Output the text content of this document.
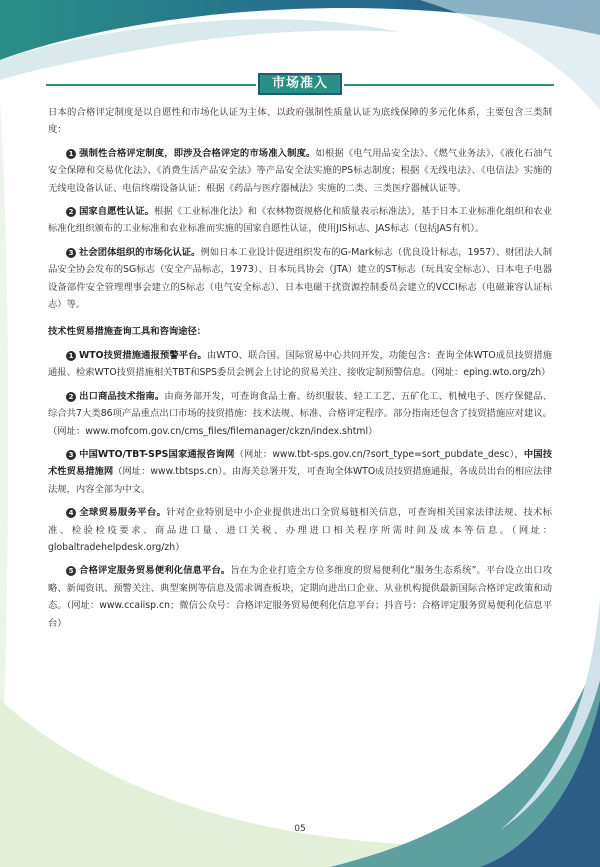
市场准入

日本的合格评定制度是以自愿性和市场化认证为主体、以政府强制性质量认证为底线保障的多元化体系，主要包含三类制度：

1 强制性合格评定制度，即涉及合格评定的市场准入制度。如根据《电气用品安全法》、《燃气业务法》、《液化石油气安全保障和交易优化法》、《消费生活产品安全法》等产品安全法实施的PS标志制度；根据《无线电法》、《电信法》实施的无线电设备认证、电信终端设备认证；根据《药品与医疗器械法》实施的二类、三类医疗器械认证等。

2 国家自愿性认证。根据《工业标准化法》和《农林物资规格化和质量表示标准法》，基于日本工业标准化组织和农业标准化组织颁布的工业标准和农业标准而实施的国家自愿性认证，使用JIS标志、JAS标志（包括JAS有机）。

3 社会团体组织的市场化认证。例如日本工业设计促进组织发布的G-Mark标志（优良设计标志，1957）、财团法人制品安全协会发布的SG标志（安全产品标志，1973）、日本玩具协会（JTA）建立的ST标志（玩具安全标志）、日本电子电器设备部件安全管理理事会建立的S标志（电气安全标志）、日本电磁干扰资源控制委员会建立的VCCI标志（电磁兼容认证标志）等。

技术性贸易措施查询工具和咨询途径：

1 WTO技贸措施通报预警平台。由WTO、联合国、国际贸易中心共同开发，功能包含：查询全体WTO成员技贸措施通报、检索WTO技贸措施相关TBT和SPS委员会例会上讨论的贸易关注、接收定制预警信息。（网址：eping.wto.org/zh）

2 出口商品技术指南。由商务部开发，可查询食品土畜、纺织服装、轻工工艺、五矿化工、机械电子、医疗保健品、综合共7大类86项产品重点出口市场的技贸措施：技术法规、标准、合格评定程序。部分指南还包含了技贸措施应对建议。（网址：www.mofcom.gov.cn/cms_files/filemanager/ckzn/index.shtml）

3 中国WTO/TBT-SPS国家通报咨询网（网址：www.tbt-sps.gov.cn/?sort_type=sort_pubdate_desc），中国技术性贸易措施网（网址：www.tbtsps.cn）。由海关总署开发，可查询全体WTO成员技贸措施通报，各成员出台的相应法律法规，内容全部为中文。

4 全球贸易服务平台。针对企业特别是中小企业提供进出口全贸易链相关信息，可查询相关国家法律法规、技术标准、检验检疫要求、商品进口量、进口关税、办理进口相关程序所需时间及成本等信息。（网址：globaltradehelpdesk.org/zh）

5 合格评定服务贸易便利化信息平台。旨在为企业打造全方位多维度的贸易便利化“服务生态系统”。平台设立出口攻略、新闻资讯、预警关注、典型案例等信息及需求调查板块，定期向进出口企业、从业机构提供最新国际合格评定政策和动态。（网址：www.ccaiisp.cn；微信公众号：合格评定服务贸易便利化信息平台；抖音号：合格评定服务贸易便利化信息平台）

05
